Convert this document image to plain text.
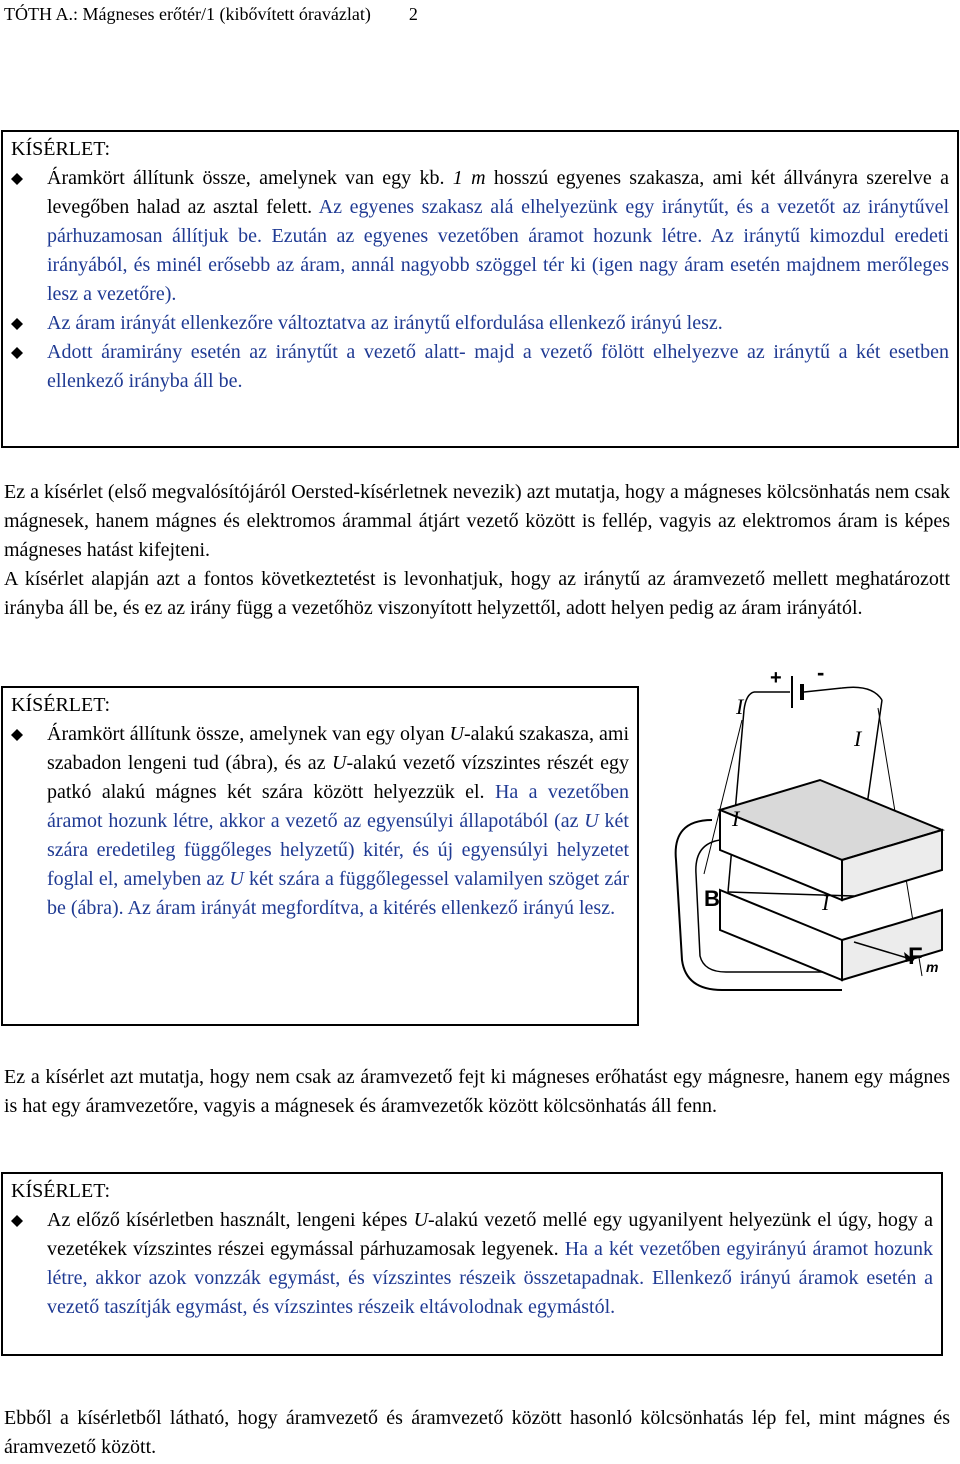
TÓTH A.: Mágneses erőtér/1 (kibővített óravázlat) 2
KÍSÉRLET:
Áramkört állítunk össze, amelynek van egy kb. 1 m hosszú egyenes szakasza, ami két állványra szerelve a levegőben halad az asztal felett. Az egyenes szakasz alá elhelyezünk egy iránytűt, és a vezetőt az iránytűvel párhuzamosan állítjuk be. Ezután az egyenes vezetőben áramot hozunk létre. Az iránytű kimozdul eredeti irányából, és minél erősebb az áram, annál nagyobb szöggel tér ki (igen nagy áram esetén majdnem merőleges lesz a vezetőre).
Az áram irányát ellenkezőre változtatva az iránytű elfordulása ellenkező irányú lesz.
Adott áramirány esetén az iránytűt a vezető alatt- majd a vezető fölött elhelyezve az iránytű a két esetben ellenkező irányba áll be.
Ez a kísérlet (első megvalósítójáról Oersted-kísérletnek nevezik) azt mutatja, hogy a mágneses kölcsönhatás nem csak mágnesek, hanem mágnes és elektromos árammal átjárt vezető között is fellép, vagyis az elektromos áram is képes mágneses hatást kifejteni.
A kísérlet alapján azt a fontos következtetést is levonhatjuk, hogy az iránytű az áramvezető mellett meghatározott irányba áll be, és ez az irány függ a vezetőhöz viszonyított helyzettől, adott helyen pedig az áram irányától.
KÍSÉRLET:
Áramkört állítunk össze, amelynek van egy olyan U-alakú szakasza, ami szabadon lengeni tud (ábra), és az U-alakú vezető vízszintes részét egy patkó alakú mágnes két szára között helyezzük el. Ha a vezetőben áramot hozunk létre, akkor a vezető az egyensúlyi állapotából (az U két szára eredetileg függőleges helyzetű) kitér, és új egyensúlyi helyzetet foglal el, amelyben az U két szára a függőlegessel valamilyen szöget zár be (ábra). Az áram irányát megfordítva, a kitérés ellenkező irányú lesz.
+ -
I
I
I
I
B
F m
Ez a kísérlet azt mutatja, hogy nem csak az áramvezető fejt ki mágneses erőhatást egy mágnesre, hanem egy mágnes is hat egy áramvezetőre, vagyis a mágnesek és áramvezetők között kölcsönhatás áll fenn.
KÍSÉRLET:
Az előző kísérletben használt, lengeni képes U-alakú vezető mellé egy ugyanilyent helyezünk el úgy, hogy a vezetékek vízszintes részei egymással párhuzamosak legyenek. Ha a két vezetőben egyirányú áramot hozunk létre, akkor azok vonzzák egymást, és vízszintes részeik összetapadnak. Ellenkező irányú áramok esetén a vezető taszítják egymást, és vízszintes részeik eltávolodnak egymástól.
Ebből a kísérletből látható, hogy áramvezető és áramvezető között hasonló kölcsönhatás lép fel, mint mágnes és áramvezető között.
